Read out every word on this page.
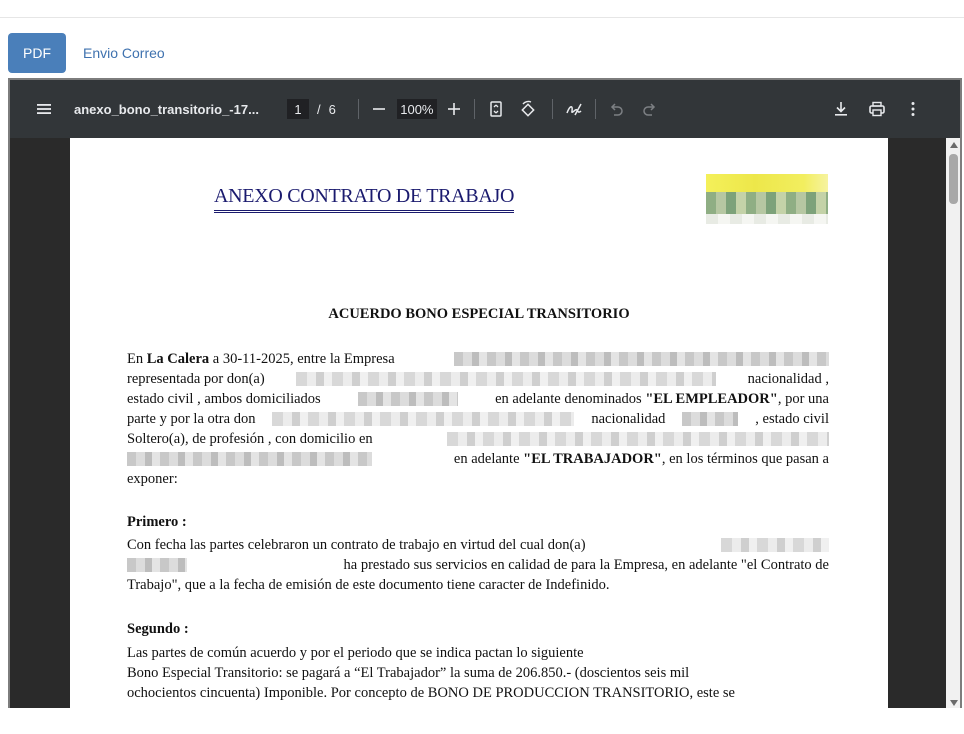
PDF	Envio Correo
anexo_bono_transitorio_-17...	1	/ 6	100%
ANEXO CONTRATO DE TRABAJO
ACUERDO BONO ESPECIAL TRANSITORIO
En La Calera a 30-11-2025, entre la Empresa
representada por don(a)	nacionalidad ,
estado civil , ambos domiciliados	en adelante denominados "EL EMPLEADOR", por una
parte y por la otra don	nacionalidad	, estado civil
Soltero(a), de profesión , con domicilio en
en adelante "EL TRABAJADOR", en los términos que pasan a
exponer:
Primero :
Con fecha las partes celebraron un contrato de trabajo en virtud del cual don(a)
ha prestado sus servicios en calidad de para la Empresa, en adelante "el Contrato de
Trabajo", que a la fecha de emisión de este documento tiene caracter de Indefinido.
Segundo :
Las partes de común acuerdo y por el periodo que se indica pactan lo siguiente
Bono Especial Transitorio: se pagará a “El Trabajador” la suma de 206.850.- (doscientos seis mil
ochocientos cincuenta) Imponible. Por concepto de BONO DE PRODUCCION TRANSITORIO, este se
